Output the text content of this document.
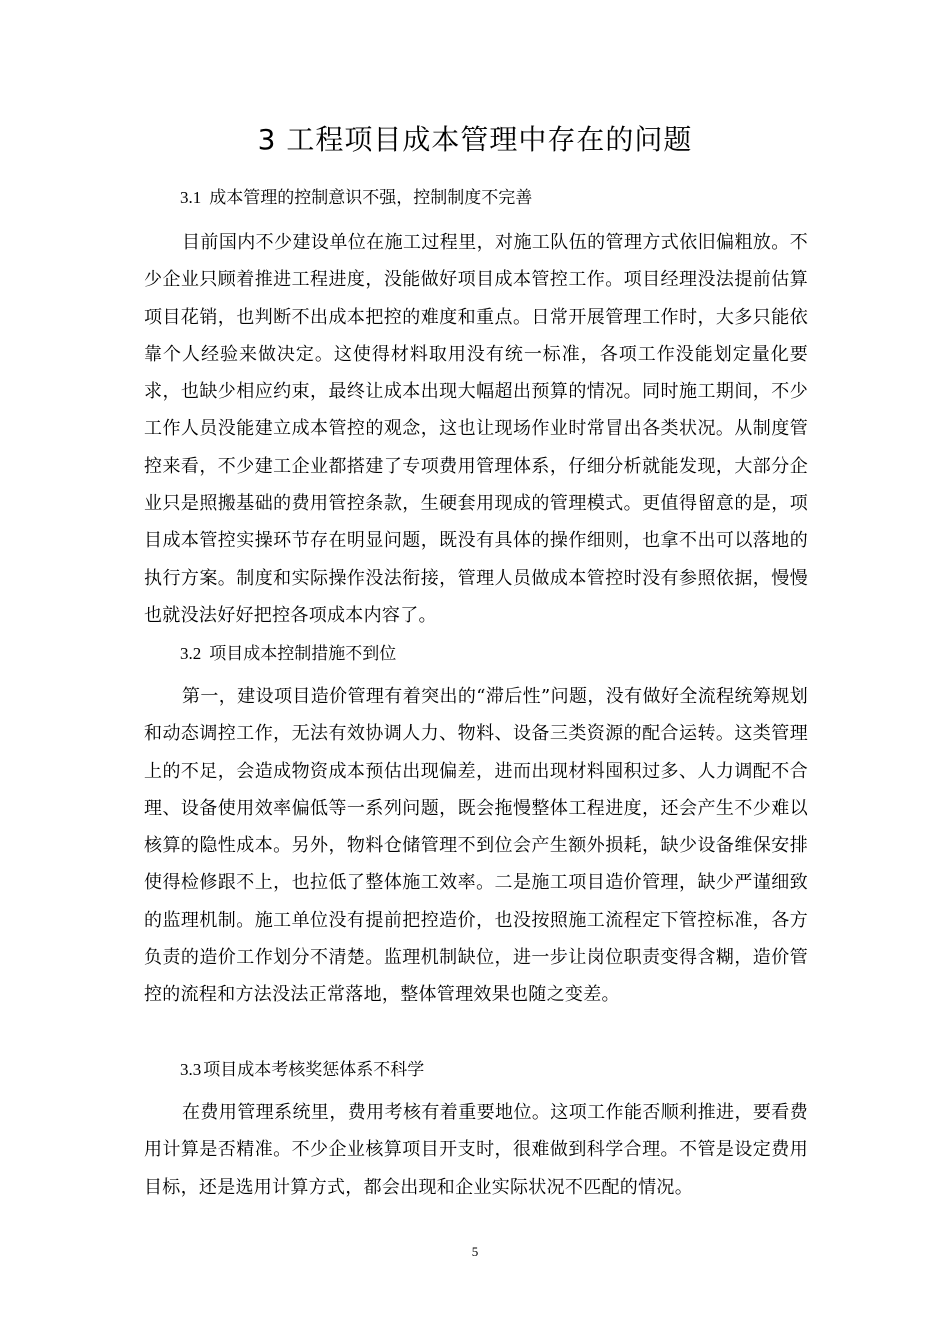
3 工程项目成本管理中存在的问题
3.1 成本管理的控制意识不强，控制制度不完善

目前国内不少建设单位在施工过程里，对施工队伍的管理方式依旧偏粗放。不少企业只顾着推进工程进度，没能做好项目成本管控工作。项目经理没法提前估算项目花销，也判断不出成本把控的难度和重点。日常开展管理工作时，大多只能依靠个人经验来做决定。这使得材料取用没有统一标准，各项工作没能划定量化要求，也缺少相应约束，最终让成本出现大幅超出预算的情况。同时施工期间，不少工作人员没能建立成本管控的观念，这也让现场作业时常冒出各类状况。从制度管控来看，不少建工企业都搭建了专项费用管理体系，仔细分析就能发现，大部分企业只是照搬基础的费用管控条款，生硬套用现成的管理模式。更值得留意的是，项目成本管控实操环节存在明显问题，既没有具体的操作细则，也拿不出可以落地的执行方案。制度和实际操作没法衔接，管理人员做成本管控时没有参照依据，慢慢也就没法好好把控各项成本内容了。

3.2 项目成本控制措施不到位

第一，建设项目造价管理有着突出的“滞后性”问题，没有做好全流程统筹规划和动态调控工作，无法有效协调人力、物料、设备三类资源的配合运转。这类管理上的不足，会造成物资成本预估出现偏差，进而出现材料囤积过多、人力调配不合理、设备使用效率偏低等一系列问题，既会拖慢整体工程进度，还会产生不少难以核算的隐性成本。另外，物料仓储管理不到位会产生额外损耗，缺少设备维保安排使得检修跟不上，也拉低了整体施工效率。二是施工项目造价管理，缺少严谨细致的监理机制。施工单位没有提前把控造价，也没按照施工流程定下管控标准，各方负责的造价工作划分不清楚。监理机制缺位，进一步让岗位职责变得含糊，造价管控的流程和方法没法正常落地，整体管理效果也随之变差。

3.3 项目成本考核奖惩体系不科学

在费用管理系统里，费用考核有着重要地位。这项工作能否顺利推进，要看费用计算是否精准。不少企业核算项目开支时，很难做到科学合理。不管是设定费用目标，还是选用计算方式，都会出现和企业实际状况不匹配的情况。

5
